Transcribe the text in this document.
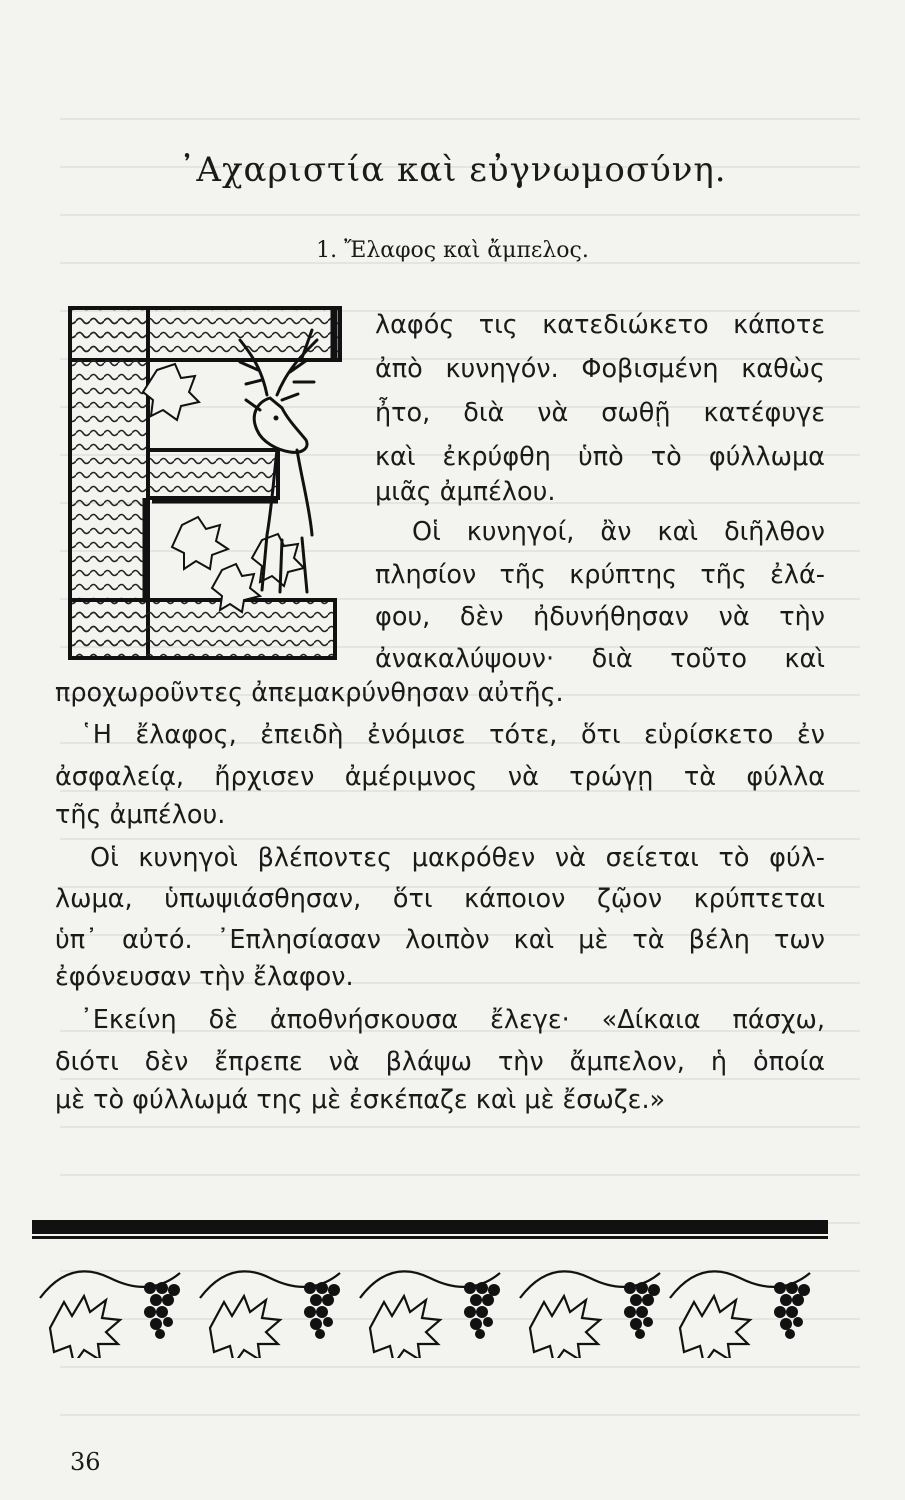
᾿Αχαριστία καὶ εὐγνωμοσύνη.
1. Ἔλαφος καὶ ἄμπελος.
λαφός τις κατεδιώκετο κάποτε
ἀπὸ κυνηγόν. Φοβισμένη καθὼς
ἦτο, διὰ νὰ σωθῇ κατέφυγε
καὶ ἐκρύφθη ὑπὸ τὸ φύλλωμα
μιᾶς ἀμπέλου.
Οἱ κυνηγοί, ἂν καὶ διῆλθον
πλησίον τῆς κρύπτης τῆς ἐλά-
φου, δὲν ἠδυνήθησαν νὰ τὴν
ἀνακαλύψουν· διὰ τοῦτο καὶ
προχωροῦντες ἀπεμακρύνθησαν αὐτῆς.
῾Η ἔλαφος, ἐπειδὴ ἐνόμισε τότε, ὅτι εὑρίσκετο ἐν
ἀσφαλείᾳ, ἤρχισεν ἀμέριμνος νὰ τρώγῃ τὰ φύλλα
τῆς ἀμπέλου.
Οἱ κυνηγοὶ βλέποντες μακρόθεν νὰ σείεται τὸ φύλ-
λωμα, ὑπωψιάσθησαν, ὅτι κάποιον ζῷον κρύπτεται
ὑπ᾿ αὐτό. ᾿Επλησίασαν λοιπὸν καὶ μὲ τὰ βέλη των
ἐφόνευσαν τὴν ἔλαφον.
᾿Εκείνη δὲ ἀποθνήσκουσα ἔλεγε· «Δίκαια πάσχω,
διότι δὲν ἔπρεπε νὰ βλάψω τὴν ἄμπελον, ἡ ὁποία
μὲ τὸ φύλλωμά της μὲ ἐσκέπαζε καὶ μὲ ἔσωζε.»
36
